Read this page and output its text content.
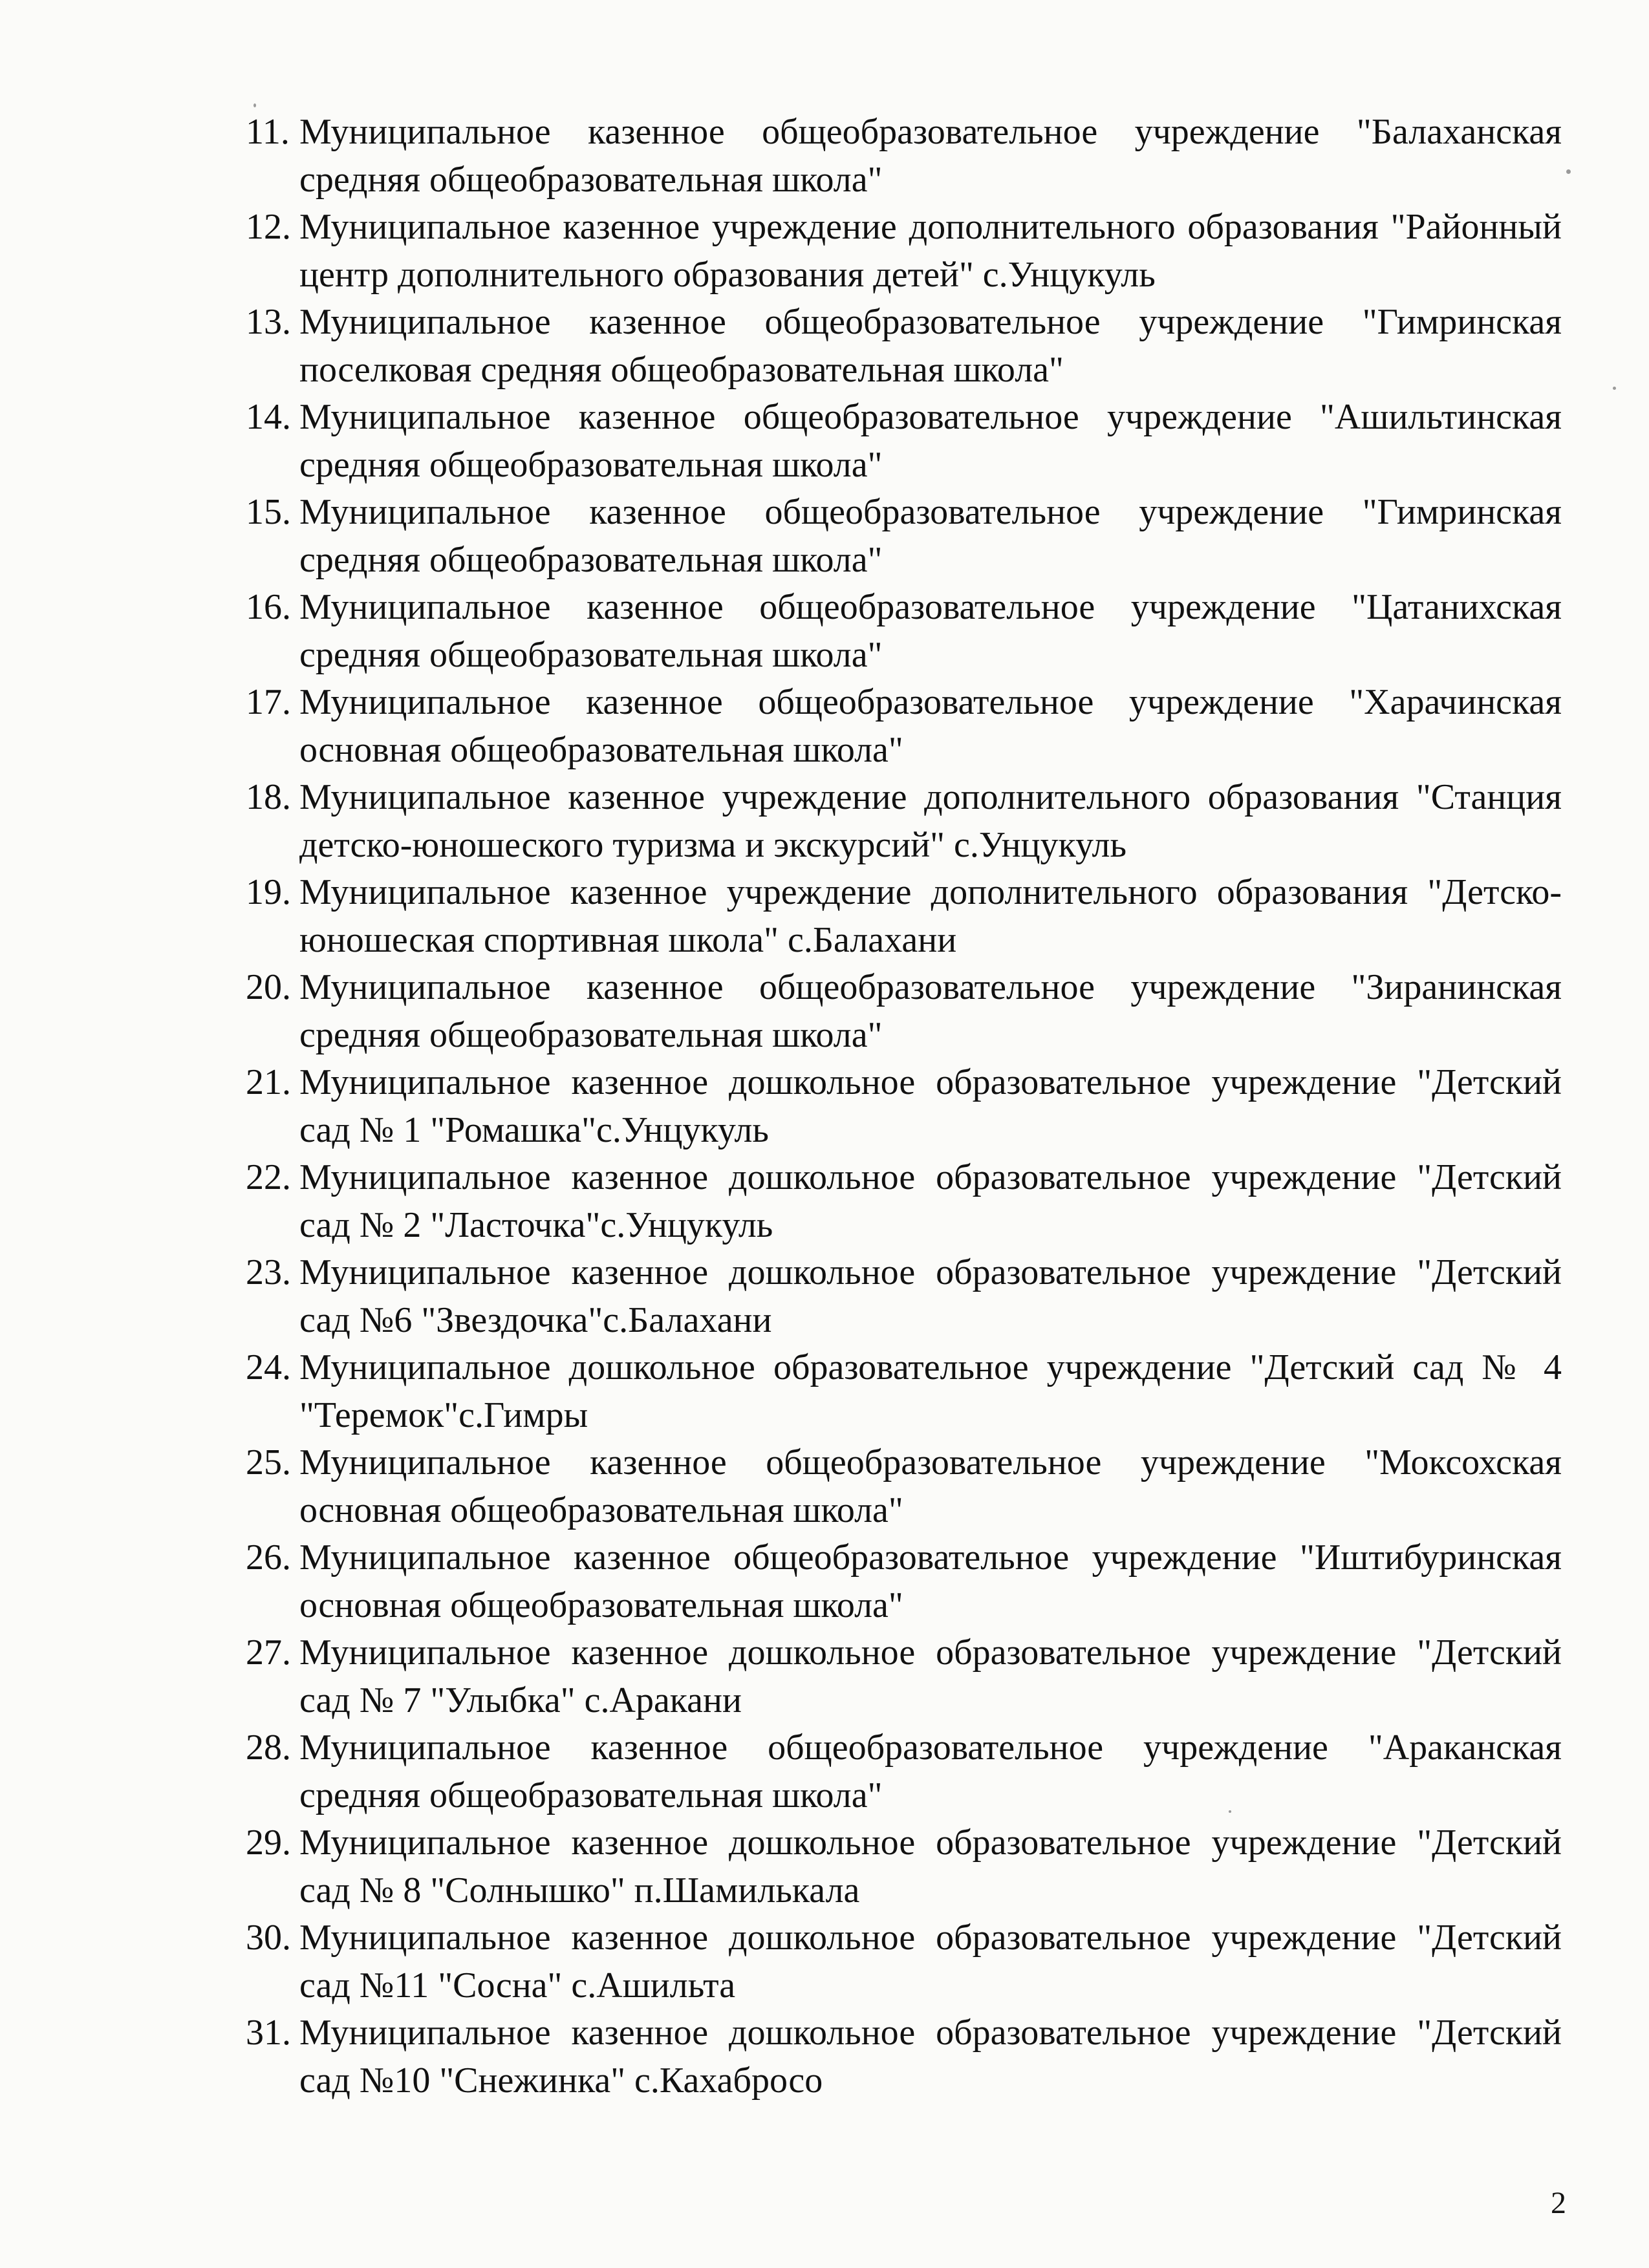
11. Муниципальное казенное общеобразовательное учреждение "Балаханская средняя общеобразовательная школа"
12. Муниципальное казенное учреждение дополнительного образования "Районный центр дополнительного образования детей" с.Унцукуль
13. Муниципальное казенное общеобразовательное учреждение "Гимринская поселковая средняя общеобразовательная школа"
14. Муниципальное казенное общеобразовательное учреждение "Ашильтинская средняя общеобразовательная школа"
15. Муниципальное казенное общеобразовательное учреждение "Гимринская средняя общеобразовательная школа"
16. Муниципальное казенное общеобразовательное учреждение "Цатанихская средняя общеобразовательная школа"
17. Муниципальное казенное общеобразовательное учреждение "Харачинская основная общеобразовательная школа"
18. Муниципальное казенное учреждение дополнительного образования "Станция детско-юношеского туризма и экскурсий" с.Унцукуль
19. Муниципальное казенное учреждение дополнительного образования "Детско-юношеская спортивная школа" с.Балахани
20. Муниципальное казенное общеобразовательное учреждение "Зиранинская средняя общеобразовательная школа"
21. Муниципальное казенное дошкольное образовательное учреждение "Детский сад № 1 "Ромашка"с.Унцукуль
22. Муниципальное казенное дошкольное образовательное учреждение "Детский сад № 2 "Ласточка"с.Унцукуль
23. Муниципальное казенное дошкольное образовательное учреждение "Детский сад №6 "Звездочка"с.Балахани
24. Муниципальное дошкольное образовательное учреждение "Детский сад № 4 "Теремок"с.Гимры
25. Муниципальное казенное общеобразовательное учреждение "Моксохская основная общеобразовательная школа"
26. Муниципальное казенное общеобразовательное учреждение "Иштибуринская основная общеобразовательная школа"
27. Муниципальное казенное дошкольное образовательное учреждение "Детский сад № 7 "Улыбка" с.Аракани
28. Муниципальное казенное общеобразовательное учреждение "Араканская средняя общеобразовательная школа"
29. Муниципальное казенное дошкольное образовательное учреждение "Детский сад № 8 "Солнышко" п.Шамилькала
30. Муниципальное казенное дошкольное образовательное учреждение "Детский сад №11 "Сосна" с.Ашильта
31. Муниципальное казенное дошкольное образовательное учреждение "Детский сад №10 "Снежинка" с.Кахабросо
2
